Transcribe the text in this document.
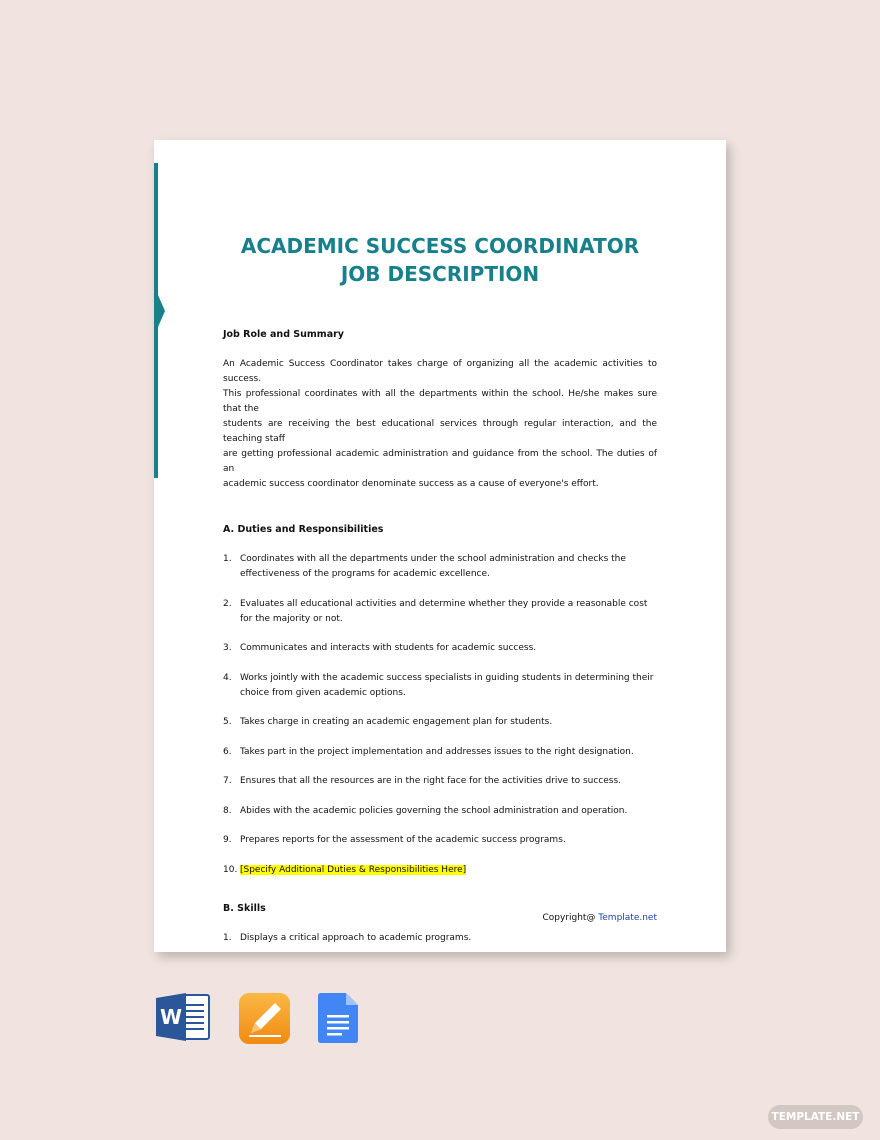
ACADEMIC SUCCESS COORDINATOR
JOB DESCRIPTION

Job Role and Summary

An Academic Success Coordinator takes charge of organizing all the academic activities to success.
This professional coordinates with all the departments within the school. He/she makes sure that the
students are receiving the best educational services through regular interaction, and the teaching staff
are getting professional academic administration and guidance from the school. The duties of an
academic success coordinator denominate success as a cause of everyone's effort.

A. Duties and Responsibilities

1. Coordinates with all the departments under the school administration and checks the effectiveness of the programs for academic excellence.
2. Evaluates all educational activities and determine whether they provide a reasonable cost for the majority or not.
3. Communicates and interacts with students for academic success.
4. Works jointly with the academic success specialists in guiding students in determining their choice from given academic options.
5. Takes charge in creating an academic engagement plan for students.
6. Takes part in the project implementation and addresses issues to the right designation.
7. Ensures that all the resources are in the right face for the activities drive to success.
8. Abides with the academic policies governing the school administration and operation.
9. Prepares reports for the assessment of the academic success programs.
10. [Specify Additional Duties & Responsibilities Here]

B. Skills

1. Displays a critical approach to academic programs.
Copyright@ Template.net
W
TEMPLATE.NET
